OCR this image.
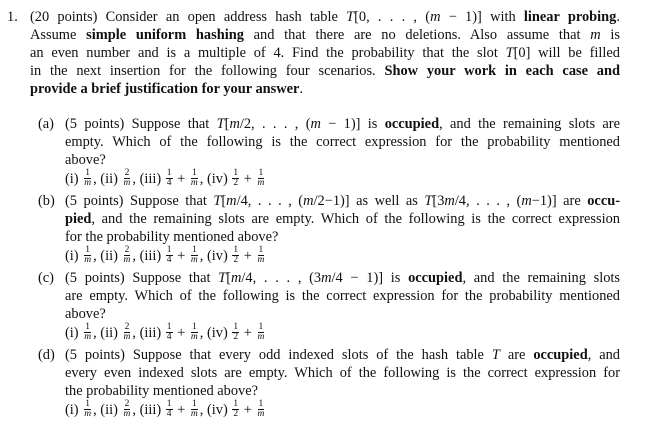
1. (20 points) Consider an open address hash table T[0, . . . , (m − 1)] with linear probing.
Assume simple uniform hashing and that there are no deletions. Also assume that m is
an even number and is a multiple of 4. Find the probability that the slot T[0] will be filled
in the next insertion for the following four scenarios. Show your work in each case and
provide a brief justification for your answer.
(a) (5 points) Suppose that T[m/2, . . . , (m − 1)] is occupied, and the remaining slots are
empty. Which of the following is the correct expression for the probability mentioned
above?
$(i) \frac{1}{m}$ , $(ii) \frac{2}{m}$ , $(iii) \frac{1}{4} + \frac{1}{m}$ , $(iv) \frac{1}{2} + \frac{1}{m}$
(b) (5 points) Suppose that T[m/4, . . . , (m/2−1)] as well as T[3m/4, . . . , (m−1)] are occu-
pied, and the remaining slots are empty. Which of the following is the correct expression
for the probability mentioned above?
$(i) \frac{1}{m}$ , $(ii) \frac{2}{m}$ , $(iii) \frac{1}{4} + \frac{1}{m}$ , $(iv) \frac{1}{2} + \frac{1}{m}$
(c) (5 points) Suppose that T[m/4, . . . , (3m/4 − 1)] is occupied, and the remaining slots
are empty. Which of the following is the correct expression for the probability mentioned
above?
$(i) \frac{1}{m}$ , $(ii) \frac{2}{m}$ , $(iii) \frac{1}{4} + \frac{1}{m}$ , $(iv) \frac{1}{2} + \frac{1}{m}$
(d) (5 points) Suppose that every odd indexed slots of the hash table T are occupied, and
every even indexed slots are empty. Which of the following is the correct expression for
the probability mentioned above?
$(i) \frac{1}{m}$ , $(ii) \frac{2}{m}$ , $(iii) \frac{1}{4} + \frac{1}{m}$ , $(iv) \frac{1}{2} + \frac{1}{m}$
